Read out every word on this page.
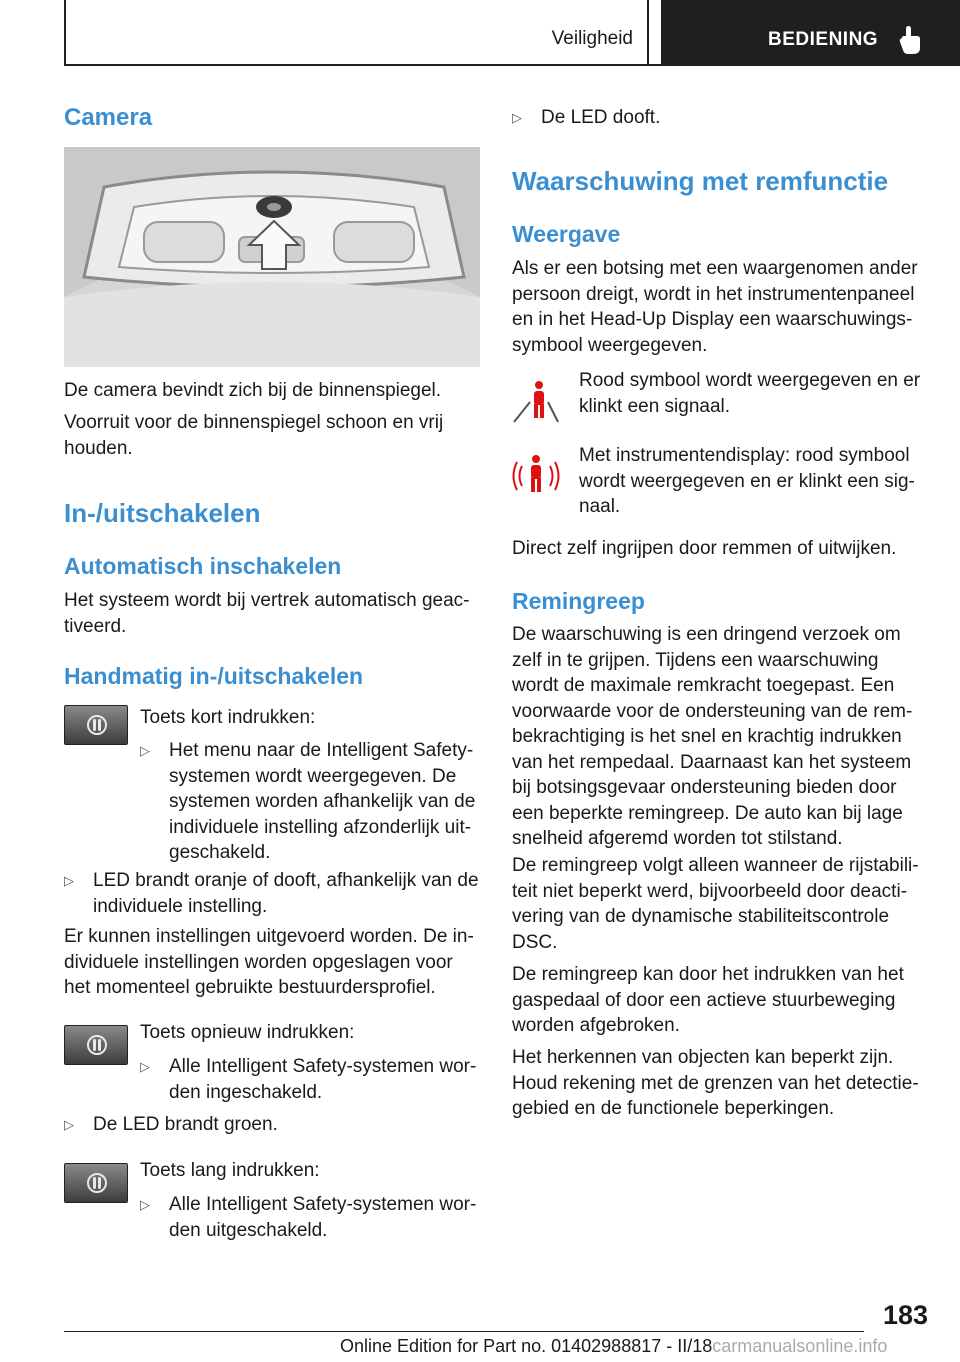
Veiligheid	BEDIENING
Camera

De camera bevindt zich bij de binnenspiegel.

Voorruit voor de binnenspiegel schoon en vrij houden.

In-/uitschakelen
Automatisch inschakelen

Het systeem wordt bij vertrek automatisch geactiveerd.

Handmatig in-/uitschakelen

Toets kort indrukken:

▷ Het menu naar de Intelligent Safety-systemen wordt weergegeven. De systemen worden afhankelijk van de individuele instelling afzonderlijk uitgeschakeld.
▷ LED brandt oranje of dooft, afhankelijk van de individuele instelling.

Er kunnen instellingen uitgevoerd worden. De individuele instellingen worden opgeslagen voor het momenteel gebruikte bestuurdersprofiel.

Toets opnieuw indrukken:

▷ Alle Intelligent Safety-systemen worden ingeschakeld.
▷ De LED brandt groen.

Toets lang indrukken:

▷ Alle Intelligent Safety-systemen worden uitgeschakeld.
▷ De LED dooft.
Waarschuwing met remfunctie
Weergave

Als er een botsing met een waargenomen ander persoon dreigt, wordt in het instrumentenpaneel en in het Head-Up Display een waarschuwingssymbool weergegeven.

Rood symbool wordt weergegeven en er klinkt een signaal.

Met instrumentendisplay: rood symbool wordt weergegeven en er klinkt een signaal.

Direct zelf ingrijpen door remmen of uitwijken.

Remingreep

De waarschuwing is een dringend verzoek om zelf in te grijpen. Tijdens een waarschuwing wordt de maximale remkracht toegepast. Een voorwaarde voor de ondersteuning van de rembekrachtiging is het snel en krachtig indrukken van het rempedaal. Daarnaast kan het systeem bij botsingsgevaar ondersteuning bieden door een beperkte remingreep. De auto kan bij lage snelheid afgeremd worden tot stilstand.

De remingreep volgt alleen wanneer de rijstabiliteit niet beperkt werd, bijvoorbeeld door deactivering van de dynamische stabiliteitscontrole DSC.

De remingreep kan door het indrukken van het gaspedaal of door een actieve stuurbeweging worden afgebroken.

Het herkennen van objecten kan beperkt zijn. Houd rekening met de grenzen van het detectiegebied en de functionele beperkingen.

183
Online Edition for Part no. 01402988817 - II/18carmanualsonline.info
